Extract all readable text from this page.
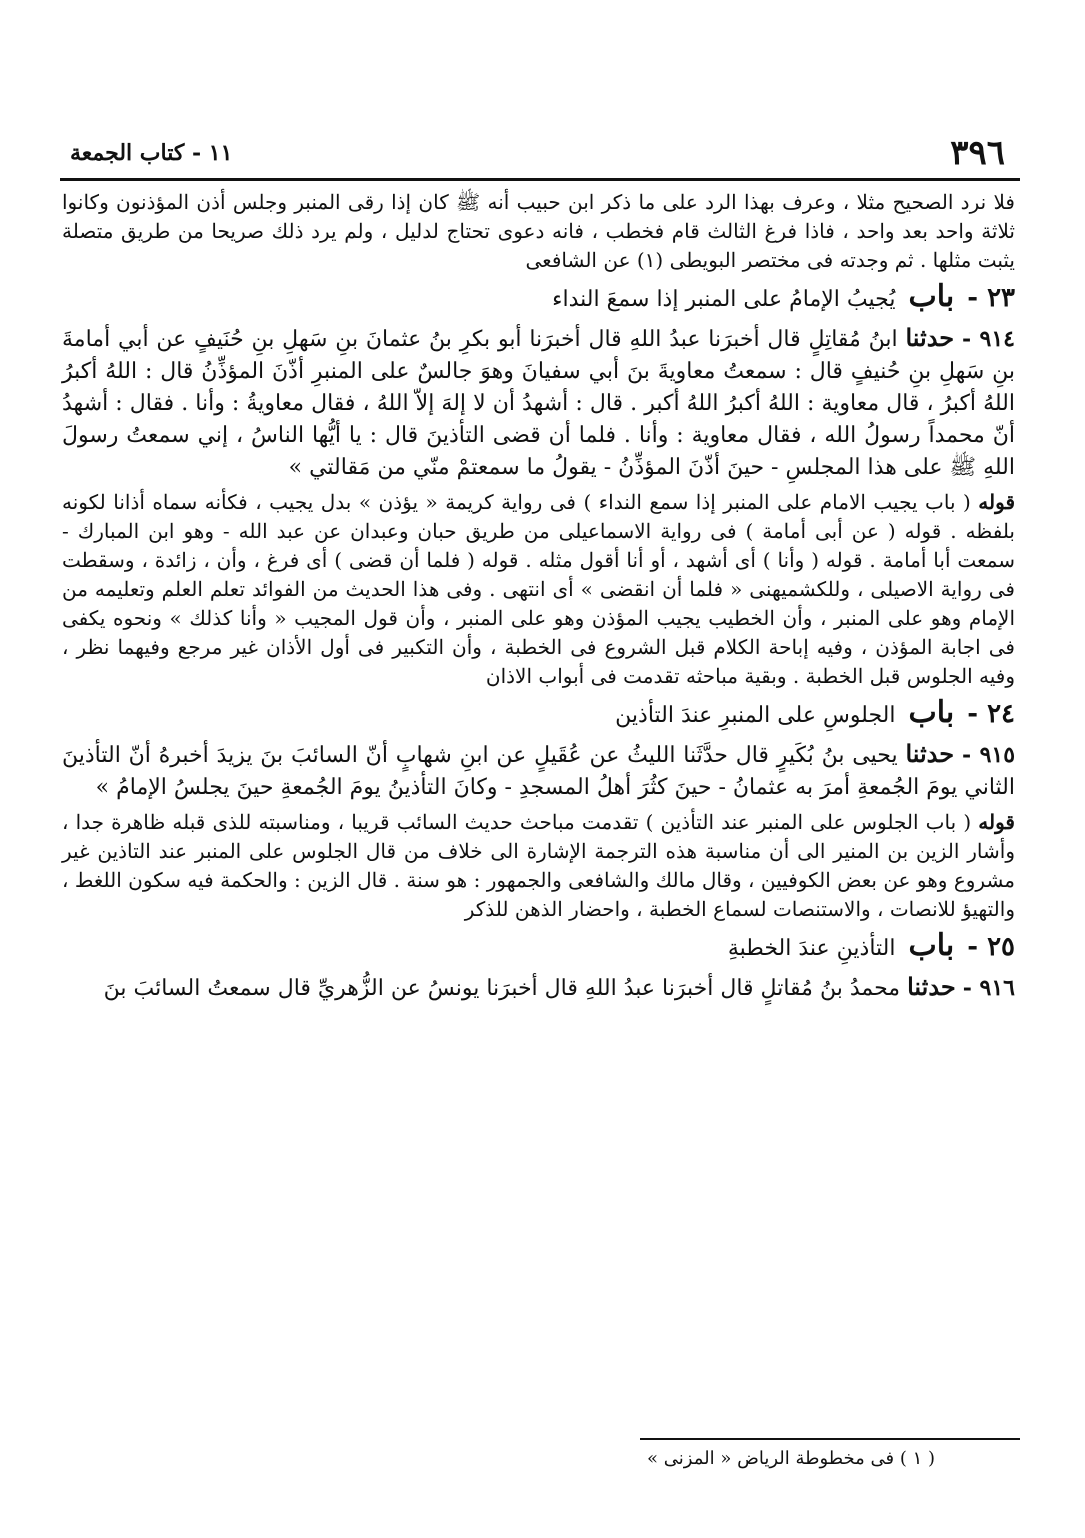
٣٩٦
١١ - كتاب الجمعة

فلا نرد الصحيح مثلا ، وعرف بهذا الرد على ما ذكر ابن حبيب أنه ﷺ كان إذا رقى المنبر وجلس أذن المؤذنون وكانوا ثلاثة واحد بعد واحد ، فاذا فرغ الثالث قام فخطب ، فانه دعوى تحتاج لدليل ، ولم يرد ذلك صريحا من طريق متصلة يثبت مثلها . ثم وجدته فى مختصر البويطى (١) عن الشافعى

٢٣ - باب يُجيبُ الإمامُ على المنبر إذا سمعَ النداء

٩١٤ - حدثنا ابنُ مُقاتِلٍ قال أخبرَنا عبدُ اللهِ قال أخبرَنا أبو بكرِ بنُ عثمانَ بنِ سَهلِ بنِ حُنَيفٍ عن أبي أمامةَ بنِ سَهلِ بنِ حُنيفٍ قال : سمعتُ معاويةَ بنَ أبي سفيانَ وهوَ جالسٌ على المنبرِ أذّنَ المؤذِّنُ قال : اللهُ أكبرُ اللهُ أكبرُ ، قال معاوية : اللهُ أكبرُ اللهُ أكبر . قال : أشهدُ أن لا إلهَ إلاّ اللهُ ، فقال معاويةُ : وأنا . فقال : أشهدُ أنّ محمداً رسولُ الله ، فقال معاوية : وأنا . فلما أن قضى التأذينَ قال : يا أيُّها الناسُ ، إني سمعتُ رسولَ اللهِ ﷺ على هذا المجلسِ - حينَ أذّنَ المؤذِّنُ - يقولُ ما سمعتمْ منّي من مَقالتي »

قوله ( باب يجيب الامام على المنبر إذا سمع النداء ) فى رواية كريمة « يؤذن » بدل يجيب ، فكأنه سماه أذانا لكونه بلفظه . قوله ( عن أبى أمامة ) فى رواية الاسماعيلى من طريق حبان وعبدان عن عبد الله - وهو ابن المبارك - سمعت أبا أمامة . قوله ( وأنا ) أى أشهد ، أو أنا أقول مثله . قوله ( فلما أن قضى ) أى فرغ ، وأن ، زائدة ، وسقطت فى رواية الاصيلى ، وللكشميهنى « فلما أن انقضى » أى انتهى . وفى هذا الحديث من الفوائد تعلم العلم وتعليمه من الإمام وهو على المنبر ، وأن الخطيب يجيب المؤذن وهو على المنبر ، وأن قول المجيب « وأنا كذلك » ونحوه يكفى فى اجابة المؤذن ، وفيه إباحة الكلام قبل الشروع فى الخطبة ، وأن التكبير فى أول الأذان غير مرجع وفيهما نظر ، وفيه الجلوس قبل الخطبة . وبقية مباحثه تقدمت فى أبواب الاذان

٢٤ - باب الجلوسِ على المنبرِ عندَ التأذين

٩١٥ - حدثنا يحيى بنُ بُكَيرٍ قال حدَّثَنا الليثُ عن عُقَيلٍ عن ابنِ شهابٍ أنّ السائبَ بنَ يزيدَ أخبرهُ أنّ التأذينَ الثاني يومَ الجُمعةِ أمرَ به عثمانُ - حينَ كثُرَ أهلُ المسجدِ - وكانَ التأذينُ يومَ الجُمعةِ حينَ يجلسُ الإمامُ »

قوله ( باب الجلوس على المنبر عند التأذين ) تقدمت مباحث حديث السائب قريبا ، ومناسبته للذى قبله ظاهرة جدا ، وأشار الزين بن المنير الى أن مناسبة هذه الترجمة الإشارة الى خلاف من قال الجلوس على المنبر عند التاذين غير مشروع وهو عن بعض الكوفيين ، وقال مالك والشافعى والجمهور : هو سنة . قال الزين : والحكمة فيه سكون اللغط ، والتهيؤ للانصات ، والاستنصات لسماع الخطبة ، واحضار الذهن للذكر

٢٥ - باب التأذينِ عندَ الخطبةِ

٩١٦ - حدثنا محمدُ بنُ مُقاتلٍ قال أخبرَنا عبدُ اللهِ قال أخبرَنا يونسُ عن الزُّهريِّ قال سمعتُ السائبَ بنَ

( ١ ) فى مخطوطة الرياض « المزنى »
